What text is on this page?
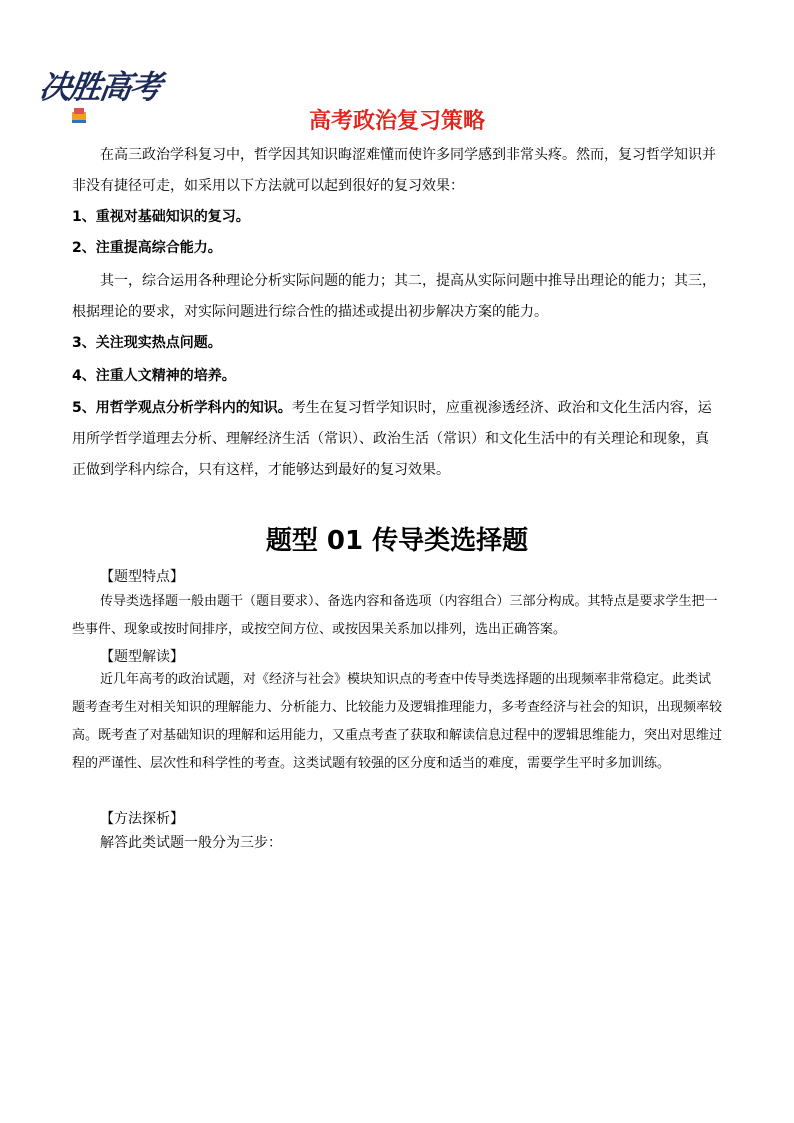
决胜高考
高考政治复习策略

在高三政治学科复习中，哲学因其知识晦涩难懂而使许多同学感到非常头疼。然而，复习哲学知识并非没有捷径可走，如采用以下方法就可以起到很好的复习效果：

1、重视对基础知识的复习。

2、注重提高综合能力。

其一，综合运用各种理论分析实际问题的能力；其二，提高从实际问题中推导出理论的能力；其三，根据理论的要求，对实际问题进行综合性的描述或提出初步解决方案的能力。

3、关注现实热点问题。

4、注重人文精神的培养。

5、用哲学观点分析学科内的知识。考生在复习哲学知识时，应重视渗透经济、政治和文化生活内容，运用所学哲学道理去分析、理解经济生活（常识）、政治生活（常识）和文化生活中的有关理论和现象，真正做到学科内综合，只有这样，才能够达到最好的复习效果。

题型 01 传导类选择题
【题型特点】

传导类选择题一般由题干（题目要求）、备选内容和备选项（内容组合）三部分构成。其特点是要求学生把一些事件、现象或按时间排序，或按空间方位、或按因果关系加以排列，选出正确答案。

【题型解读】

近几年高考的政治试题，对《经济与社会》模块知识点的考查中传导类选择题的出现频率非常稳定。此类试题考查考生对相关知识的理解能力、分析能力、比较能力及逻辑推理能力，多考查经济与社会的知识，出现频率较高。既考查了对基础知识的理解和运用能力，又重点考查了获取和解读信息过程中的逻辑思维能力，突出对思维过程的严谨性、层次性和科学性的考查。这类试题有较强的区分度和适当的难度，需要学生平时多加训练。

【方法探析】

解答此类试题一般分为三步：
